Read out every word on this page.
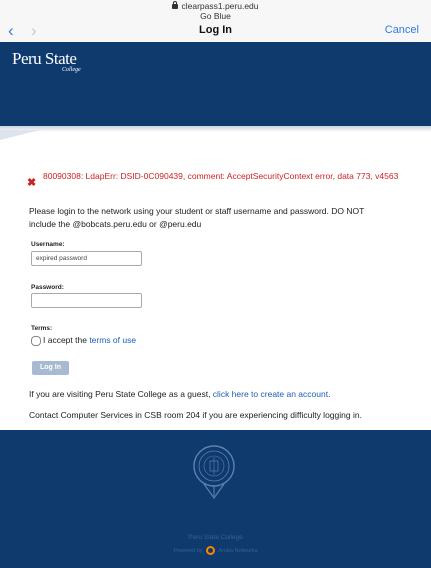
clearpass1.peru.edu
Go Blue
‹ ›	Log In	Cancel
Peru State
College
✖
80090308: LdapErr: DSID-0C090439, comment: AcceptSecurityContext error, data 773, v4563
Please login to the network using your student or staff username and password. DO NOT
include the @bobcats.peru.edu or @peru.edu
Username:
expired password
Password:
Terms:
I accept the terms of use
Log In
If you are visiting Peru State College as a guest, click here to create an account.
Contact Computer Services in CSB room 204 if you are experiencing difficulty logging in.
Peru State College
Powered by	Aruba Networks
